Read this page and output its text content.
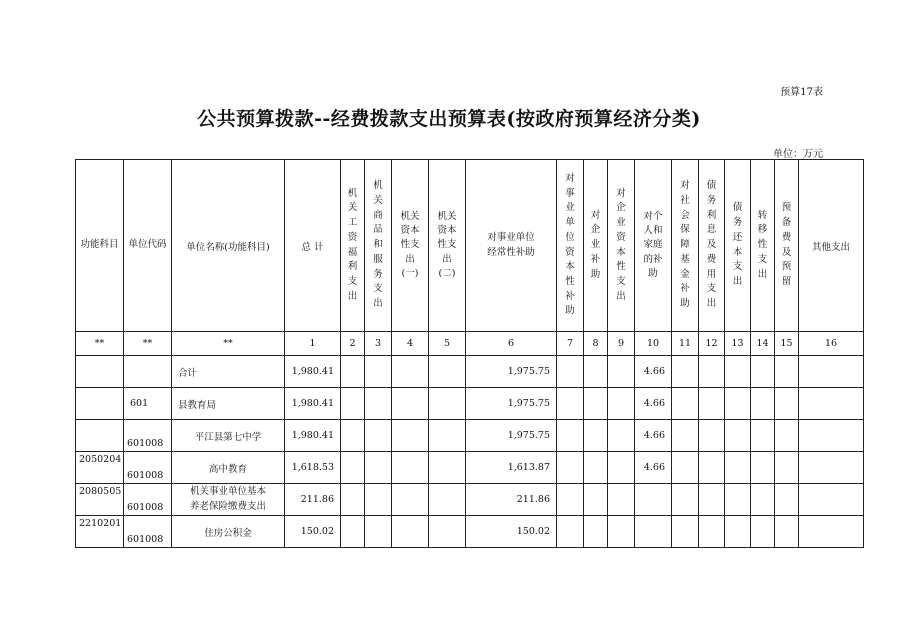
预算17表
公共预算拨款--经费拨款支出预算表(按政府预算经济分类)
单位：万元
功能科目	单位代码	单位名称(功能科目)	总 计	机关工资福利支出	机关商品和服务支出	机关资本性支出(一)	机关资本性支出(二)	对事业单位经常性补助	对事业单位资本性补助	对企业补助	对企业资本性支出	对个人和家庭的补助	对社会保障基金补助	债务利息及费用支出	债务还本支出	转移性支出	预备费及预留	其他支出
**	**	**	1	2	3	4	5	6	7	8	9	10	11	12	13	14	15	16
		合计	1,980.41					1,975.75				4.66						
	601	县教育局	1,980.41					1,975.75				4.66						

	601008	平江县第七中学	1,980.41					1,975.75				4.66						

2050204	601008	高中教育	1,618.53					1,613.87				4.66						

2080505	601008	机关事业单位基本养老保险缴费支出	211.86					211.86										

2210201	601008	住房公积金	150.02					150.02										
